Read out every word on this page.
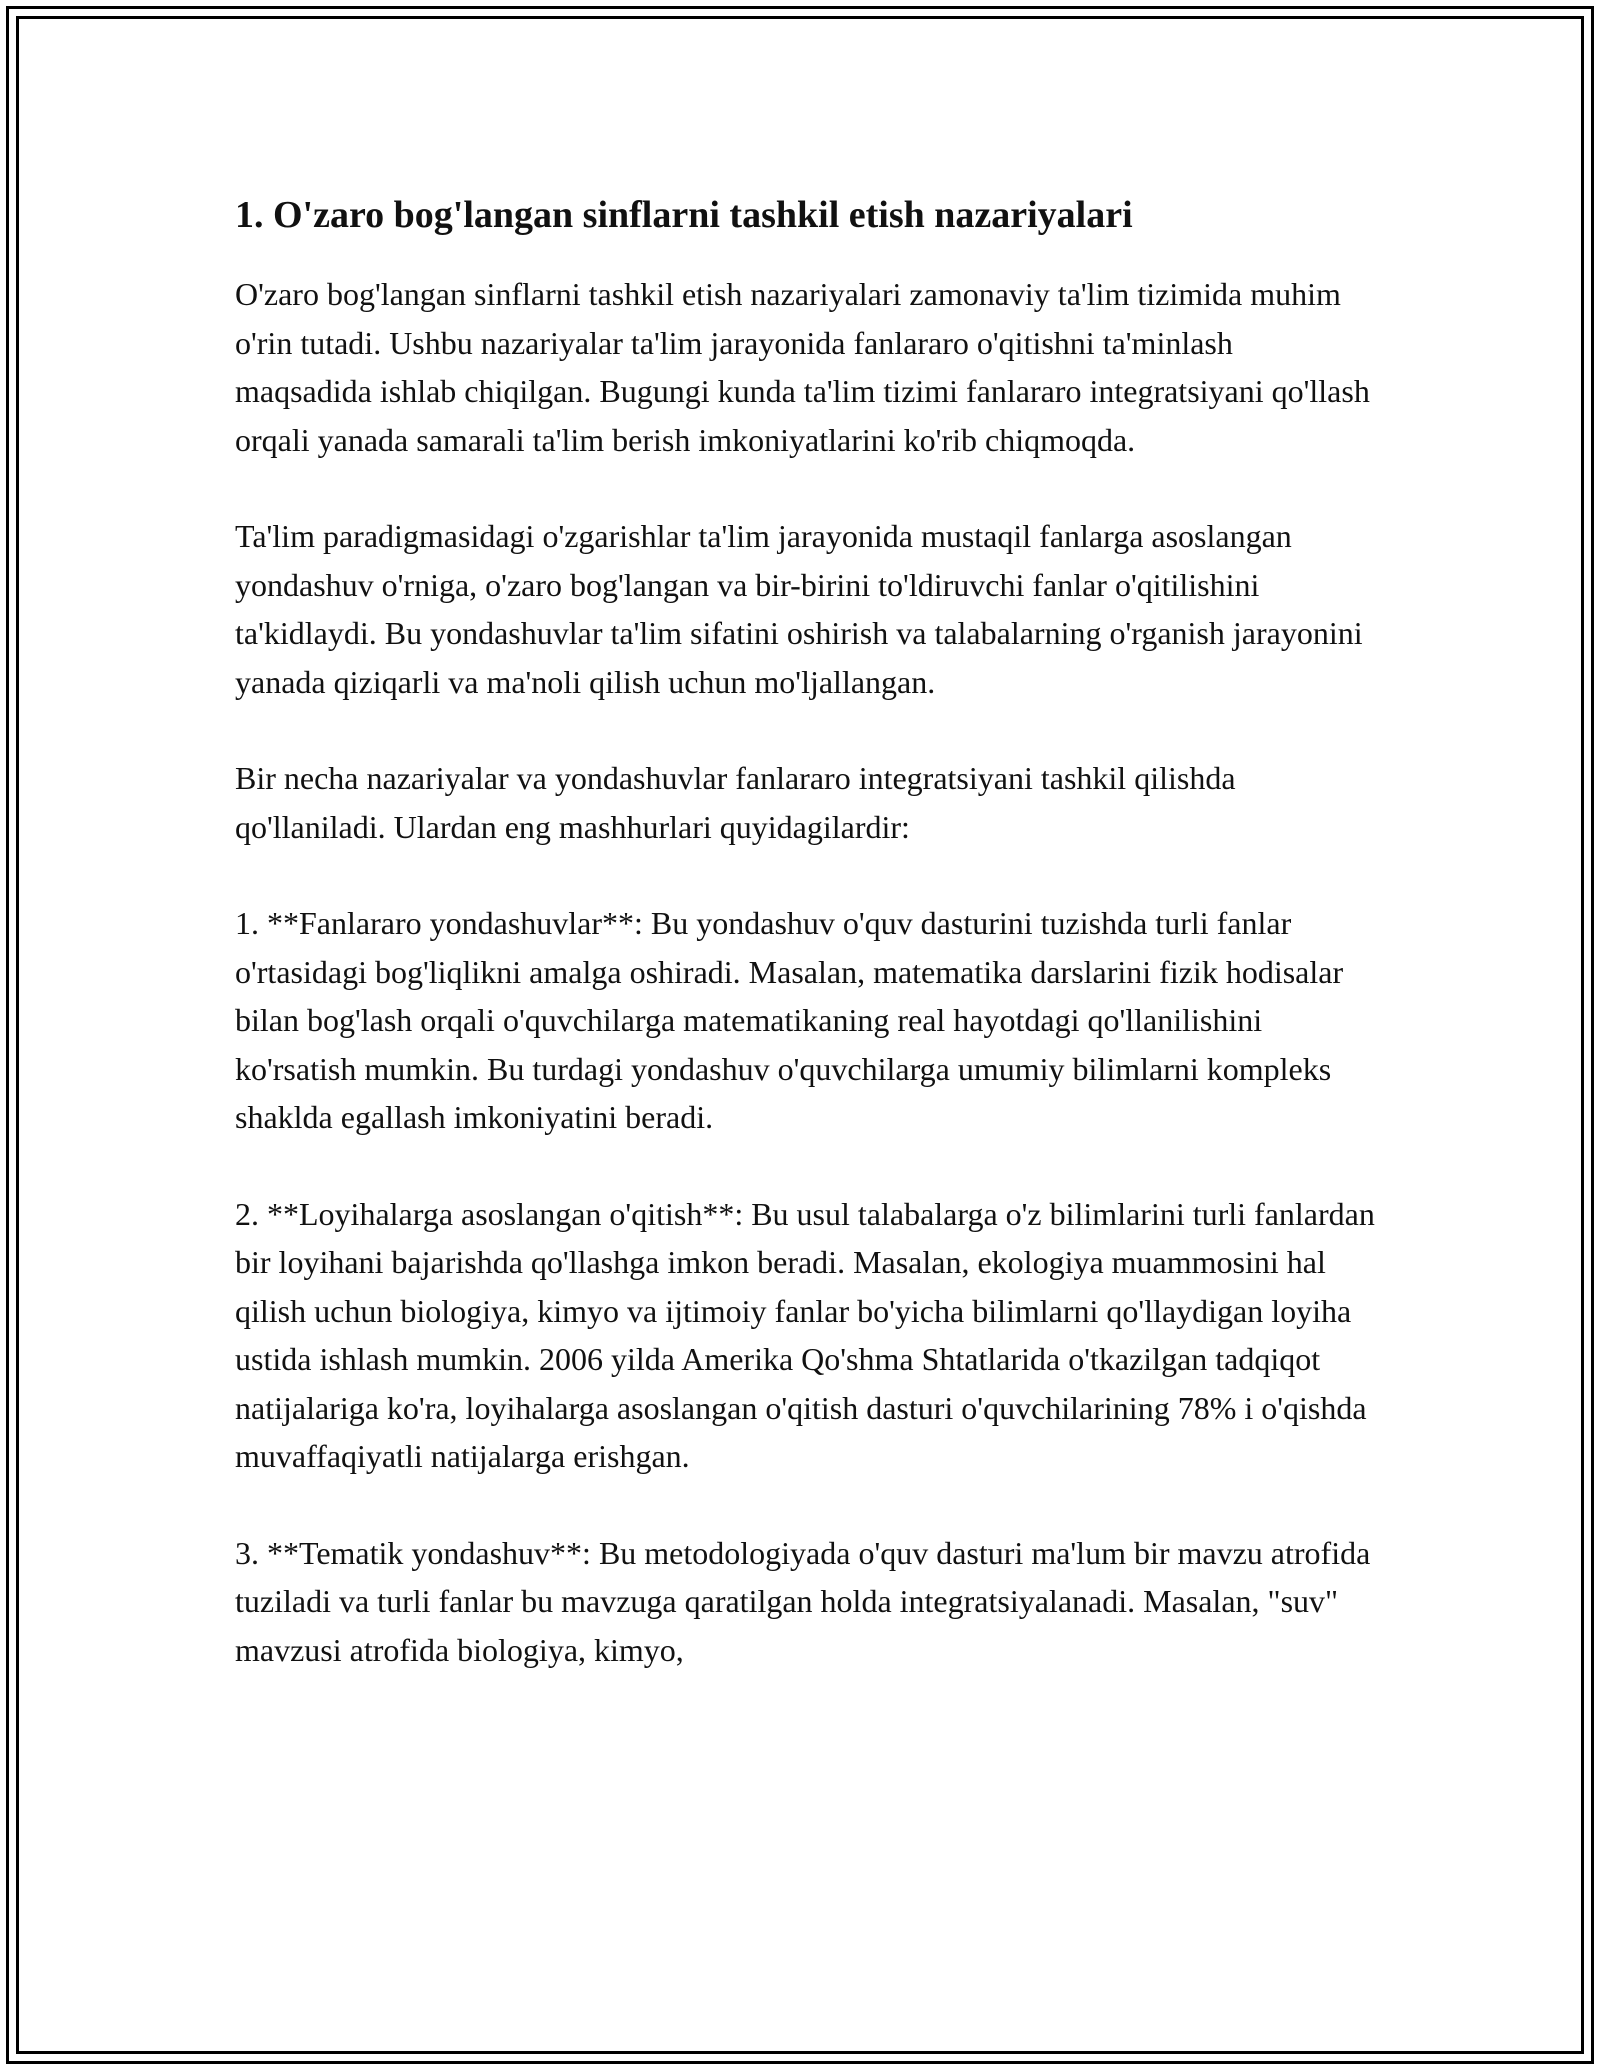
1. O'zaro bog'langan sinflarni tashkil etish nazariyalari

O'zaro bog'langan sinflarni tashkil etish nazariyalari zamonaviy ta'lim tizimida muhim o'rin tutadi. Ushbu nazariyalar ta'lim jarayonida fanlararo o'qitishni ta'minlash maqsadida ishlab chiqilgan. Bugungi kunda ta'lim tizimi fanlararo integratsiyani qo'llash orqali yanada samarali ta'lim berish imkoniyatlarini ko'rib chiqmoqda.

Ta'lim paradigmasidagi o'zgarishlar ta'lim jarayonida mustaqil fanlarga asoslangan yondashuv o'rniga, o'zaro bog'langan va bir-birini to'ldiruvchi fanlar o'qitilishini ta'kidlaydi. Bu yondashuvlar ta'lim sifatini oshirish va talabalarning o'rganish jarayonini yanada qiziqarli va ma'noli qilish uchun mo'ljallangan.

Bir necha nazariyalar va yondashuvlar fanlararo integratsiyani tashkil qilishda qo'llaniladi. Ulardan eng mashhurlari quyidagilardir:

1. **Fanlararo yondashuvlar**: Bu yondashuv o'quv dasturini tuzishda turli fanlar o'rtasidagi bog'liqlikni amalga oshiradi. Masalan, matematika darslarini fizik hodisalar bilan bog'lash orqali o'quvchilarga matematikaning real hayotdagi qo'llanilishini ko'rsatish mumkin. Bu turdagi yondashuv o'quvchilarga umumiy bilimlarni kompleks shaklda egallash imkoniyatini beradi.

2. **Loyihalarga asoslangan o'qitish**: Bu usul talabalarga o'z bilimlarini turli fanlardan bir loyihani bajarishda qo'llashga imkon beradi. Masalan, ekologiya muammosini hal qilish uchun biologiya, kimyo va ijtimoiy fanlar bo'yicha bilimlarni qo'llaydigan loyiha ustida ishlash mumkin. 2006 yilda Amerika Qo'shma Shtatlarida o'tkazilgan tadqiqot natijalariga ko'ra, loyihalarga asoslangan o'qitish dasturi o'quvchilarining 78% i o'qishda muvaffaqiyatli natijalarga erishgan.

3. **Tematik yondashuv**: Bu metodologiyada o'quv dasturi ma'lum bir mavzu atrofida tuziladi va turli fanlar bu mavzuga qaratilgan holda integratsiyalanadi. Masalan, "suv" mavzusi atrofida biologiya, kimyo,
